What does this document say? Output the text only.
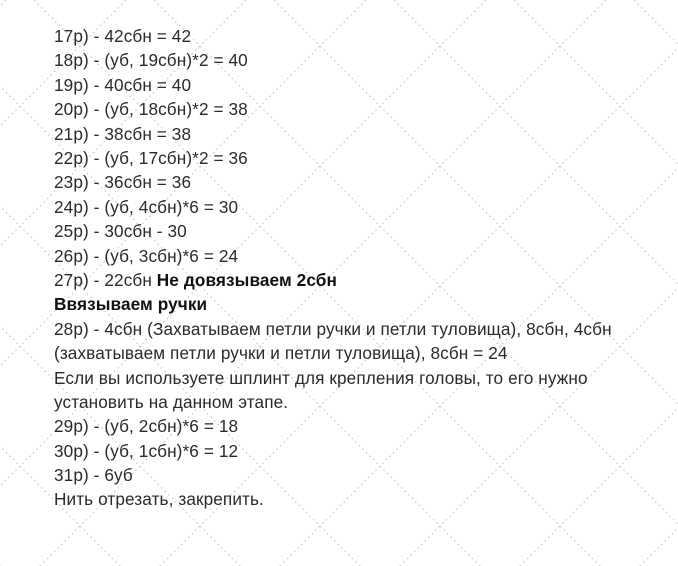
17р) - 42сбн = 42
18р) - (уб, 19сбн)*2 = 40
19р) - 40сбн = 40
20р) - (уб, 18сбн)*2 = 38
21р) - 38сбн = 38
22р) - (уб, 17сбн)*2 = 36
23р) - 36сбн = 36
24р) - (уб, 4сбн)*6 = 30
25р) - 30сбн - 30
26р) - (уб, 3сбн)*6 = 24
27р) - 22сбн Не довязываем 2сбн
Ввязываем ручки
28р) - 4сбн (Захватываем петли ручки и петли туловища), 8сбн, 4сбн (захватываем петли ручки и петли туловища), 8сбн = 24
Если вы используете шплинт для крепления головы, то его нужно установить на данном этапе.
29р) - (уб, 2сбн)*6 = 18
30р) - (уб, 1сбн)*6 = 12
31р) - 6уб
Нить отрезать, закрепить.
